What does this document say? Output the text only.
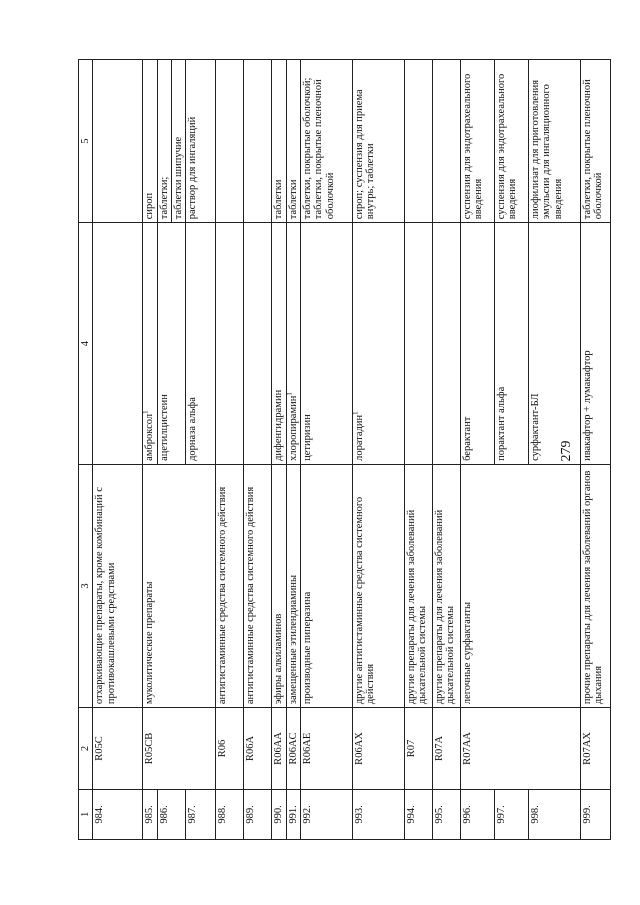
279
1	2	3	4	5
984.	R05C	отхаркивающие препараты, кроме комбинаций с противокашлевыми средствами		
985.	R05CB	муколитические препараты	амброксол$^1$	сироп
986.			ацетилцистеин	таблетки;
				таблетки шипучие
987.			дорназа альфа	раствор для ингаляций
988.	R06	антигистаминные средства системного действия		
989.	R06A	антигистаминные средства системного действия		
990.	R06AA	эфиры алкиламинов	дифенгидрамин	таблетки
991.	R06AC	замещенные этилендиамины	хлоропирамин$^1$	таблетки
992.	R06AE	производные пиперазина	цетиризин	таблетки, покрытые оболочкой; таблетки, покрытые пленочной оболочкой
993.	R06AX	другие антигистаминные средства системного действия	лоратадин$^1$	сироп; суспензия для приема внутрь; таблетки
994.	R07	другие препараты для лечения заболеваний дыхательной системы		
995.	R07A	другие препараты для лечения заболеваний дыхательной системы		
996.	R07AA	легочные сурфактанты	берактант	суспензия для эндотрахеального введения
997.			порактант альфа	суспензия для эндотрахеального введения
998.			сурфактант-БЛ	лиофилизат для приготовления эмульсии для ингаляционного введения
999.	R07AX	прочие препараты для лечения заболеваний органов дыхания	ивакафтор + лумакафтор	таблетки, покрытые пленочной оболочкой
